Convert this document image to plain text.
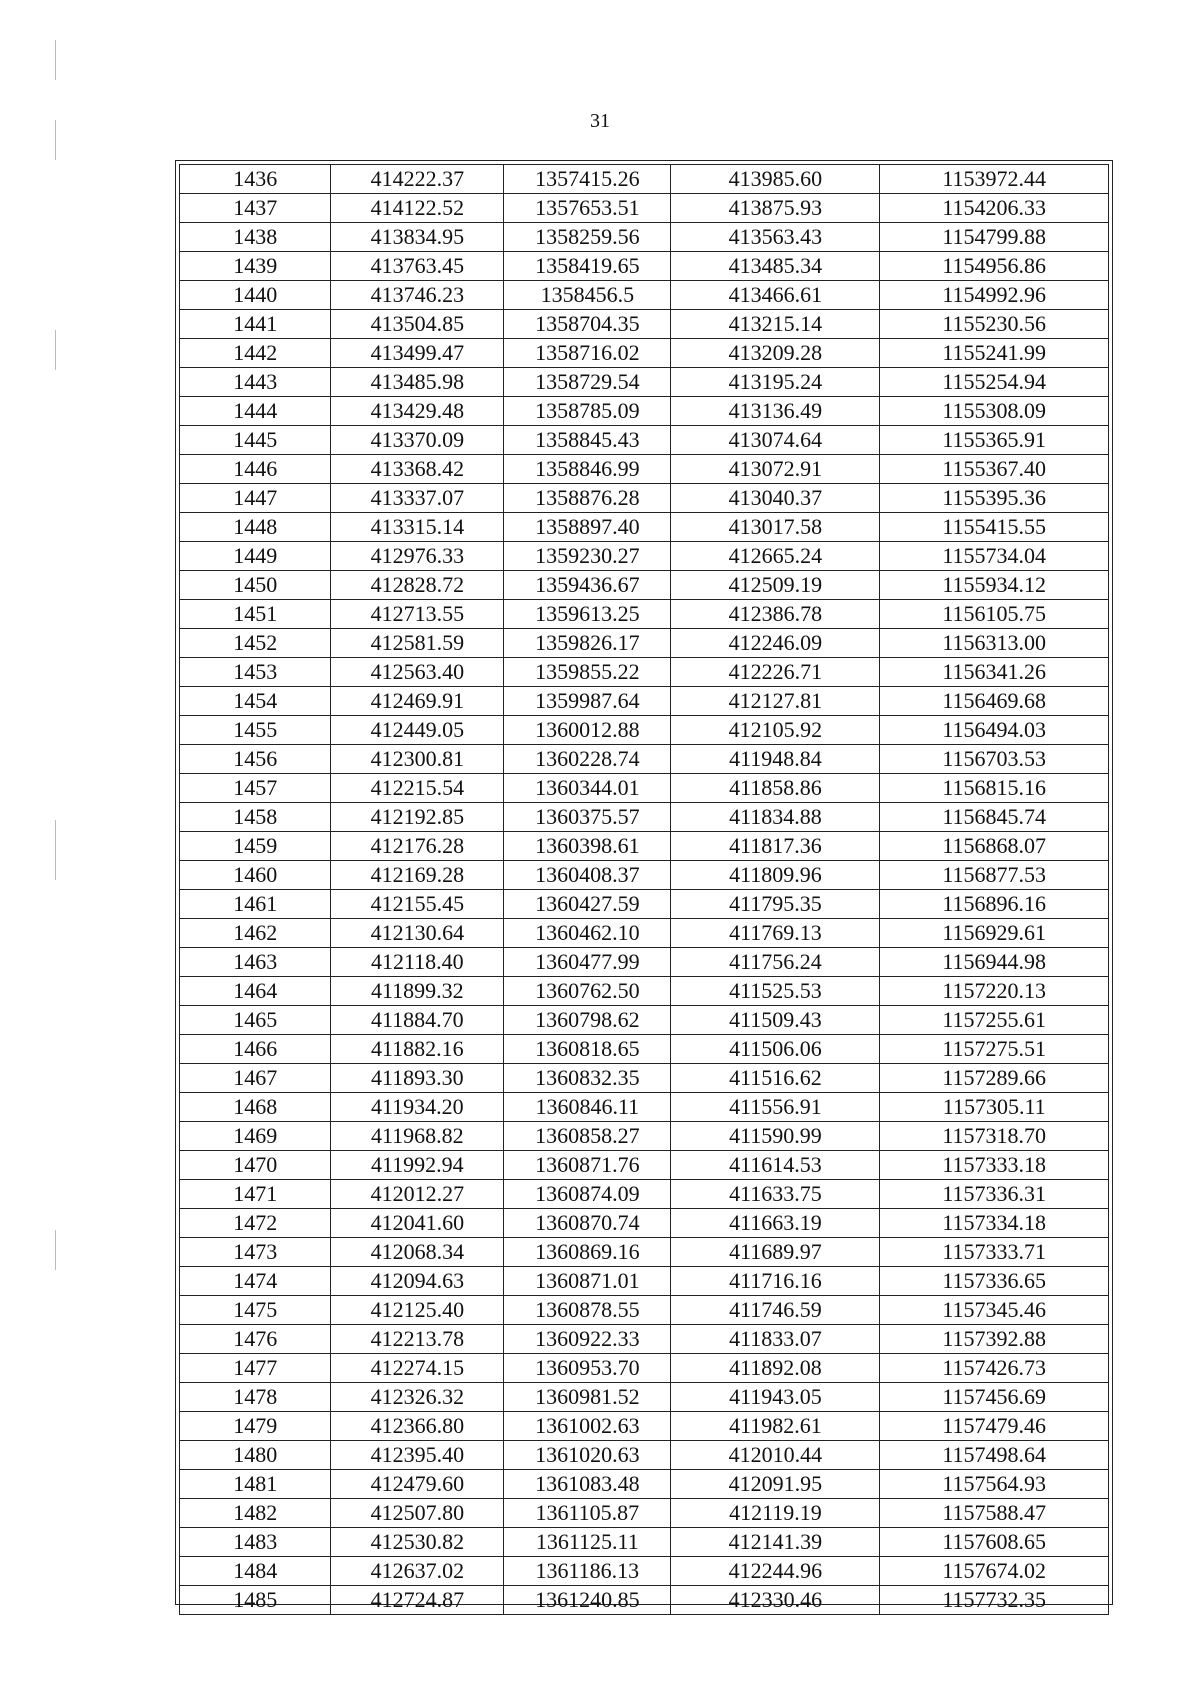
31
1436	414222.37	1357415.26	413985.60	1153972.44
1437	414122.52	1357653.51	413875.93	1154206.33
1438	413834.95	1358259.56	413563.43	1154799.88
1439	413763.45	1358419.65	413485.34	1154956.86
1440	413746.23	1358456.5	413466.61	1154992.96
1441	413504.85	1358704.35	413215.14	1155230.56
1442	413499.47	1358716.02	413209.28	1155241.99
1443	413485.98	1358729.54	413195.24	1155254.94
1444	413429.48	1358785.09	413136.49	1155308.09
1445	413370.09	1358845.43	413074.64	1155365.91
1446	413368.42	1358846.99	413072.91	1155367.40
1447	413337.07	1358876.28	413040.37	1155395.36
1448	413315.14	1358897.40	413017.58	1155415.55
1449	412976.33	1359230.27	412665.24	1155734.04
1450	412828.72	1359436.67	412509.19	1155934.12
1451	412713.55	1359613.25	412386.78	1156105.75
1452	412581.59	1359826.17	412246.09	1156313.00
1453	412563.40	1359855.22	412226.71	1156341.26
1454	412469.91	1359987.64	412127.81	1156469.68
1455	412449.05	1360012.88	412105.92	1156494.03
1456	412300.81	1360228.74	411948.84	1156703.53
1457	412215.54	1360344.01	411858.86	1156815.16
1458	412192.85	1360375.57	411834.88	1156845.74
1459	412176.28	1360398.61	411817.36	1156868.07
1460	412169.28	1360408.37	411809.96	1156877.53
1461	412155.45	1360427.59	411795.35	1156896.16
1462	412130.64	1360462.10	411769.13	1156929.61
1463	412118.40	1360477.99	411756.24	1156944.98
1464	411899.32	1360762.50	411525.53	1157220.13
1465	411884.70	1360798.62	411509.43	1157255.61
1466	411882.16	1360818.65	411506.06	1157275.51
1467	411893.30	1360832.35	411516.62	1157289.66
1468	411934.20	1360846.11	411556.91	1157305.11
1469	411968.82	1360858.27	411590.99	1157318.70
1470	411992.94	1360871.76	411614.53	1157333.18
1471	412012.27	1360874.09	411633.75	1157336.31
1472	412041.60	1360870.74	411663.19	1157334.18
1473	412068.34	1360869.16	411689.97	1157333.71
1474	412094.63	1360871.01	411716.16	1157336.65
1475	412125.40	1360878.55	411746.59	1157345.46
1476	412213.78	1360922.33	411833.07	1157392.88
1477	412274.15	1360953.70	411892.08	1157426.73
1478	412326.32	1360981.52	411943.05	1157456.69
1479	412366.80	1361002.63	411982.61	1157479.46
1480	412395.40	1361020.63	412010.44	1157498.64
1481	412479.60	1361083.48	412091.95	1157564.93
1482	412507.80	1361105.87	412119.19	1157588.47
1483	412530.82	1361125.11	412141.39	1157608.65
1484	412637.02	1361186.13	412244.96	1157674.02
1485	412724.87	1361240.85	412330.46	1157732.35
